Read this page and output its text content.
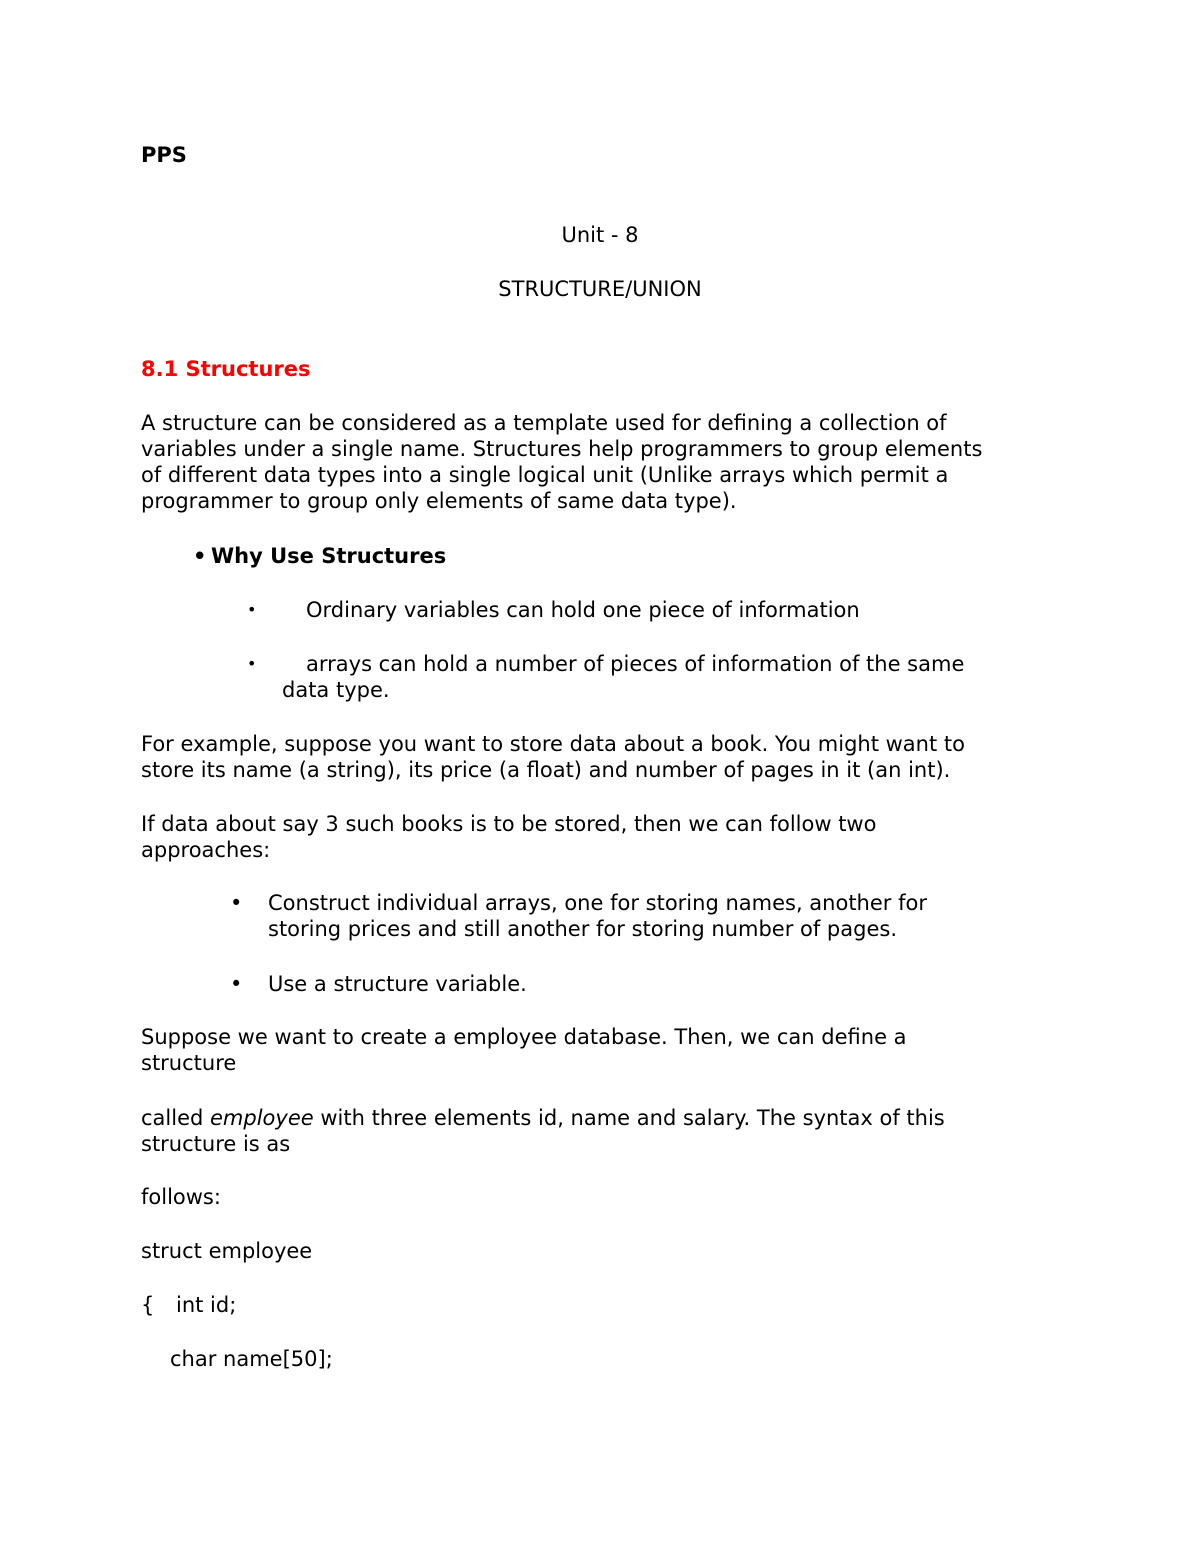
PPS

Unit - 8

STRUCTURE/UNION

8.1 Structures

A structure can be considered as a template used for defining a collection of

variables under a single name. Structures help programmers to group elements

of different data types into a single logical unit (Unlike arrays which permit a

programmer to group only elements of same data type).

• Why Use Structures
• Ordinary variables can hold one piece of information
• arrays can hold a number of pieces of information of the same
data type.

For example, suppose you want to store data about a book. You might want to

store its name (a string), its price (a float) and number of pages in it (an int).

If data about say 3 such books is to be stored, then we can follow two

approaches:

• Construct individual arrays, one for storing names, another for
storing prices and still another for storing number of pages.
• Use a structure variable.

Suppose we want to create a employee database. Then, we can define a

structure

called employee with three elements id, name and salary. The syntax of this

structure is as

follows:

struct employee

{ int id;
char name[50];
